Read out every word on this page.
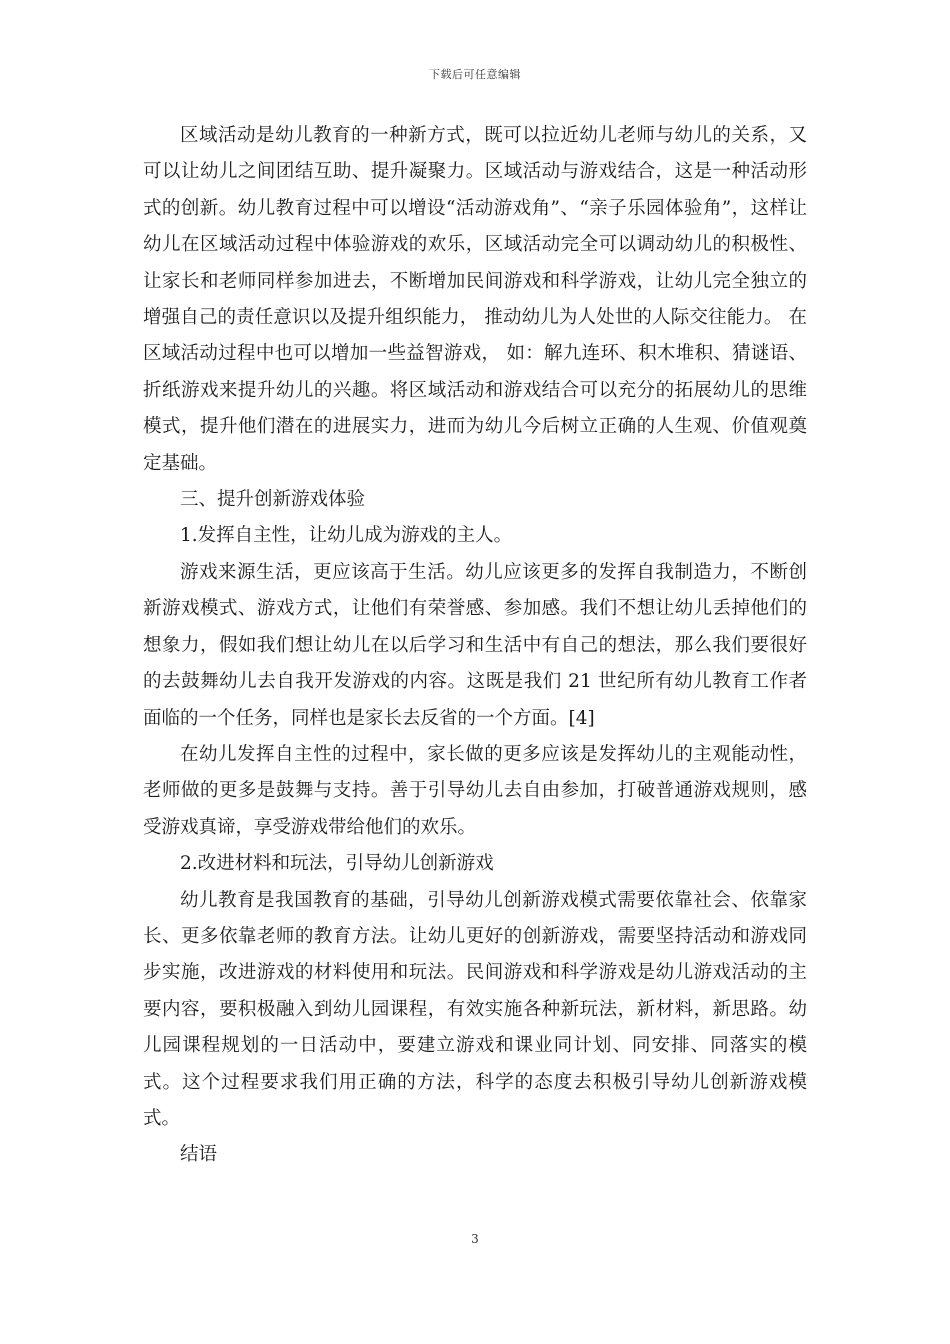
下载后可任意编辑

区域活动是幼儿教育的一种新方式，既可以拉近幼儿老师与幼儿的关系，又可以让幼儿之间团结互助、提升凝聚力。区域活动与游戏结合，这是一种活动形式的创新。幼儿教育过程中可以增设“活动游戏角”、“亲子乐园体验角”，这样让幼儿在区域活动过程中体验游戏的欢乐，区域活动完全可以调动幼儿的积极性、让家长和老师同样参加进去，不断增加民间游戏和科学游戏，让幼儿完全独立的增强自己的责任意识以及提升组织能力， 推动幼儿为人处世的人际交往能力。 在区域活动过程中也可以增加一些益智游戏， 如：解九连环、积木堆积、猜谜语、折纸游戏来提升幼儿的兴趣。将区域活动和游戏结合可以充分的拓展幼儿的思维模式，提升他们潜在的进展实力，进而为幼儿今后树立正确的人生观、价值观奠定基础。

三、提升创新游戏体验

1.发挥自主性，让幼儿成为游戏的主人。

游戏来源生活，更应该高于生活。幼儿应该更多的发挥自我制造力，不断创新游戏模式、游戏方式，让他们有荣誉感、参加感。我们不想让幼儿丢掉他们的想象力，假如我们想让幼儿在以后学习和生活中有自己的想法，那么我们要很好的去鼓舞幼儿去自我开发游戏的内容。这既是我们 21 世纪所有幼儿教育工作者面临的一个任务，同样也是家长去反省的一个方面。[4]

在幼儿发挥自主性的过程中，家长做的更多应该是发挥幼儿的主观能动性，老师做的更多是鼓舞与支持。善于引导幼儿去自由参加，打破普通游戏规则，感受游戏真谛，享受游戏带给他们的欢乐。

2.改进材料和玩法，引导幼儿创新游戏

幼儿教育是我国教育的基础，引导幼儿创新游戏模式需要依靠社会、依靠家长、更多依靠老师的教育方法。让幼儿更好的创新游戏，需要坚持活动和游戏同步实施，改进游戏的材料使用和玩法。民间游戏和科学游戏是幼儿游戏活动的主要内容，要积极融入到幼儿园课程，有效实施各种新玩法，新材料，新思路。幼儿园课程规划的一日活动中，要建立游戏和课业同计划、同安排、同落实的模式。这个过程要求我们用正确的方法，科学的态度去积极引导幼儿创新游戏模式。

结语

3
